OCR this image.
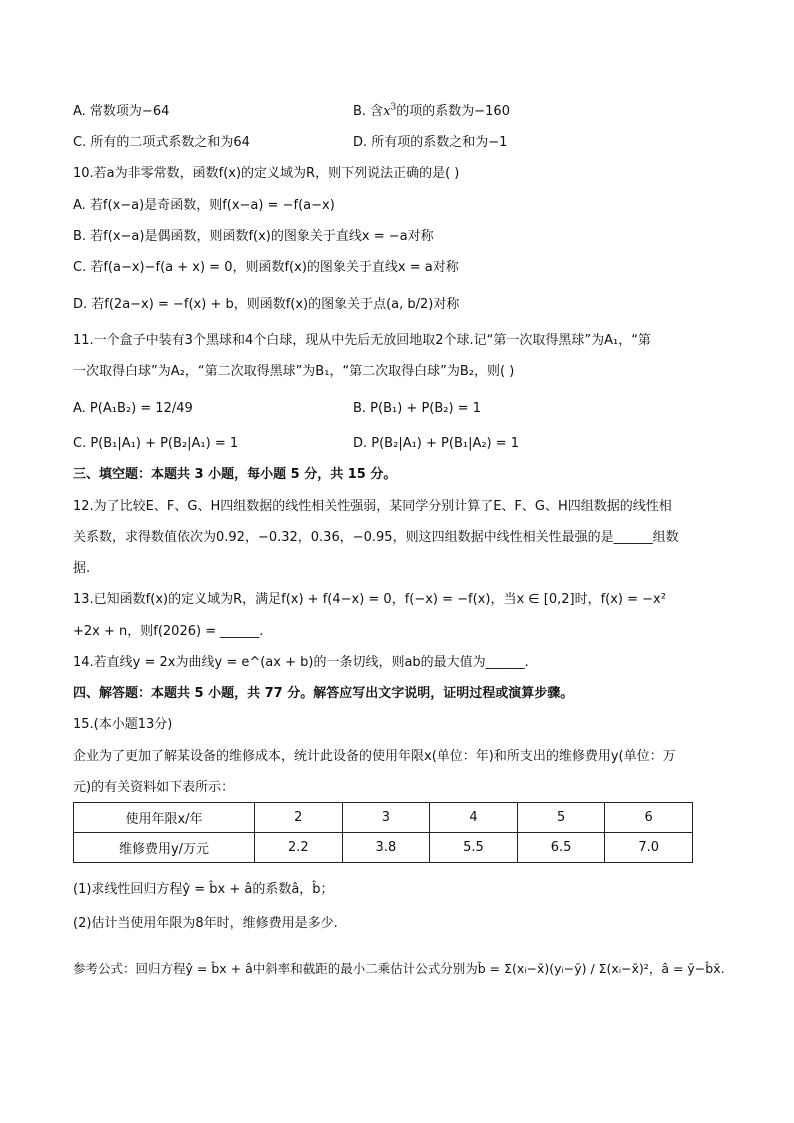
A. 常数项为−64	B. 含$x^3$的项的系数为−160
C. 所有的二项式系数之和为64	D. 所有项的系数之和为−1
10.若a为非零常数，函数f(x)的定义域为R，则下列说法正确的是( )
A. 若f(x−a)是奇函数，则f(x−a) = −f(a−x)
B. 若f(x−a)是偶函数，则函数f(x)的图象关于直线x = −a对称
C. 若f(a−x)−f(a + x) = 0，则函数f(x)的图象关于直线x = a对称
D. 若f(2a−x) = −f(x) + b，则函数f(x)的图象关于点(a, b/2)对称
11.一个盒子中装有3个黑球和4个白球，现从中先后无放回地取2个球.记“第一次取得黑球”为A₁，“第
一次取得白球”为A₂，“第二次取得黑球”为B₁，“第二次取得白球”为B₂，则( )
A. P(A₁B₂) = 12/49	B. P(B₁) + P(B₂) = 1
C. P(B₁|A₁) + P(B₂|A₁) = 1	D. P(B₂|A₁) + P(B₁|A₂) = 1
三、填空题：本题共 3 小题，每小题 5 分，共 15 分。
12.为了比较E、F、G、H四组数据的线性相关性强弱，某同学分别计算了E、F、G、H四组数据的线性相
关系数，求得数值依次为0.92，−0.32，0.36，−0.95，则这四组数据中线性相关性最强的是______组数
据.
13.已知函数f(x)的定义域为R，满足f(x) + f(4−x) = 0，f(−x) = −f(x)，当x ∈ [0,2]时，f(x) = −x²
+2x + n，则f(2026) = ______.
14.若直线y = 2x为曲线y = e^(ax + b)的一条切线，则ab的最大值为______.
四、解答题：本题共 5 小题，共 77 分。解答应写出文字说明，证明过程或演算步骤。
15.(本小题13分)
企业为了更加了解某设备的维修成本，统计此设备的使用年限x(单位：年)和所支出的维修费用y(单位：万
元)的有关资料如下表所示：
使用年限x/年	2	3	4	5	6
维修费用y/万元	2.2	3.8	5.5	6.5	7.0
(1)求线性回归方程ŷ = b̂x + â的系数â，b̂；
(2)估计当使用年限为8年时，维修费用是多少.
参考公式：回归方程ŷ = b̂x + â中斜率和截距的最小二乘估计公式分别为b̂ = Σ(xᵢ−x̄)(yᵢ−ȳ) / Σ(xᵢ−x̄)²，â = ȳ−b̂x̄.
